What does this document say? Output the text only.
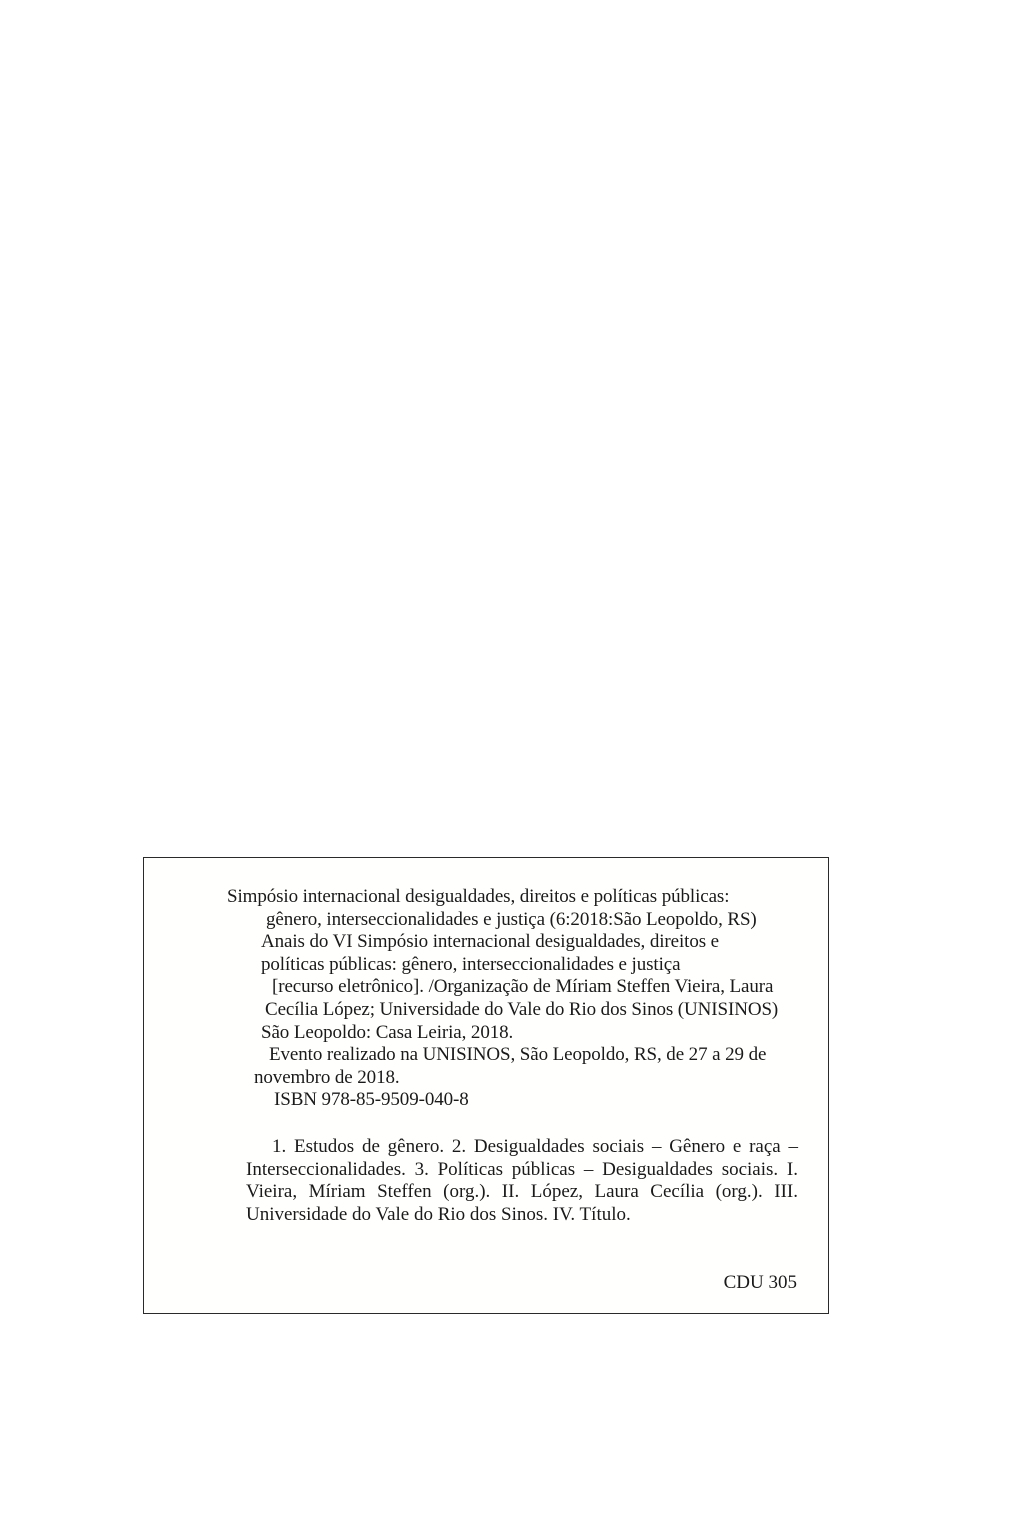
Simpósio internacional desigualdades, direitos e políticas públicas:
gênero, interseccionalidades e justiça (6:2018:São Leopoldo, RS)
Anais do VI Simpósio internacional desigualdades, direitos e
políticas públicas: gênero, interseccionalidades e justiça
[recurso eletrônico]. /Organização de Míriam Steffen Vieira, Laura
Cecília López; Universidade do Vale do Rio dos Sinos (UNISINOS)
São Leopoldo: Casa Leiria, 2018.
Evento realizado na UNISINOS, São Leopoldo, RS, de 27 a 29 de
novembro de 2018.
ISBN 978-85-9509-040-8
1. Estudos de gênero. 2. Desigualdades sociais – Gênero e raça – Interseccionalidades. 3. Políticas públicas – Desigualdades sociais. I. Vieira, Míriam Steffen (org.). II. López, Laura Cecília (org.). III. Universidade do Vale do Rio dos Sinos. IV. Título.
CDU 305
